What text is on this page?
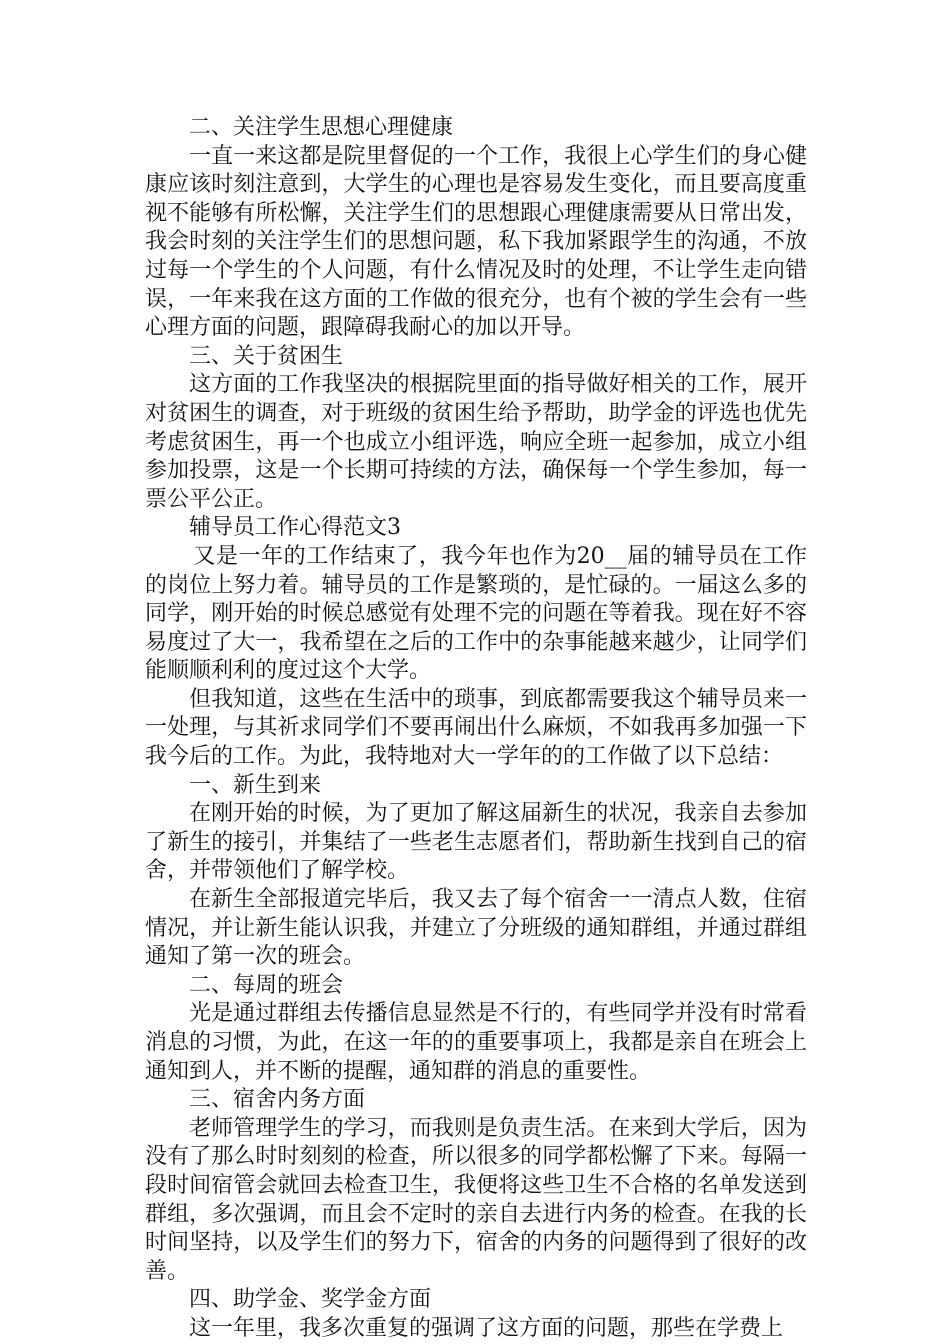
二、关注学生思想心理健康

一直一来这都是院里督促的一个工作，我很上心学生们的身心健康应该时刻注意到，大学生的心理也是容易发生变化，而且要高度重视不能够有所松懈，关注学生们的思想跟心理健康需要从日常出发，我会时刻的关注学生们的思想问题，私下我加紧跟学生的沟通，不放过每一个学生的个人问题，有什么情况及时的处理，不让学生走向错误，一年来我在这方面的工作做的很充分，也有个被的学生会有一些心理方面的问题，跟障碍我耐心的加以开导。

三、关于贫困生

这方面的工作我坚决的根据院里面的指导做好相关的工作，展开对贫困生的调查，对于班级的贫困生给予帮助，助学金的评选也优先考虑贫困生，再一个也成立小组评选，响应全班一起参加，成立小组参加投票，这是一个长期可持续的方法，确保每一个学生参加，每一票公平公正。

辅导员工作心得范文3

又是一年的工作结束了，我今年也作为20__届的辅导员在工作的岗位上努力着。辅导员的工作是繁琐的，是忙碌的。一届这么多的同学，刚开始的时候总感觉有处理不完的问题在等着我。现在好不容易度过了大一，我希望在之后的工作中的杂事能越来越少，让同学们能顺顺利利的度过这个大学。

但我知道，这些在生活中的琐事，到底都需要我这个辅导员来一一处理，与其祈求同学们不要再闹出什么麻烦，不如我再多加强一下我今后的工作。为此，我特地对大一学年的的工作做了以下总结：

一、新生到来

在刚开始的时候，为了更加了解这届新生的状况，我亲自去参加了新生的接引，并集结了一些老生志愿者们，帮助新生找到自己的宿舍，并带领他们了解学校。

在新生全部报道完毕后，我又去了每个宿舍一一清点人数，住宿情况，并让新生能认识我，并建立了分班级的通知群组，并通过群组通知了第一次的班会。

二、每周的班会

光是通过群组去传播信息显然是不行的，有些同学并没有时常看消息的习惯，为此，在这一年的的重要事项上，我都是亲自在班会上通知到人，并不断的提醒，通知群的消息的重要性。

三、宿舍内务方面

老师管理学生的学习，而我则是负责生活。在来到大学后，因为没有了那么时时刻刻的检查，所以很多的同学都松懈了下来。每隔一段时间宿管会就回去检查卫生，我便将这些卫生不合格的名单发送到群组，多次强调，而且会不定时的亲自去进行内务的检查。在我的长时间坚持，以及学生们的努力下，宿舍的内务的问题得到了很好的改善。

四、助学金、奖学金方面

这一年里，我多次重复的强调了这方面的问题，那些在学费上
